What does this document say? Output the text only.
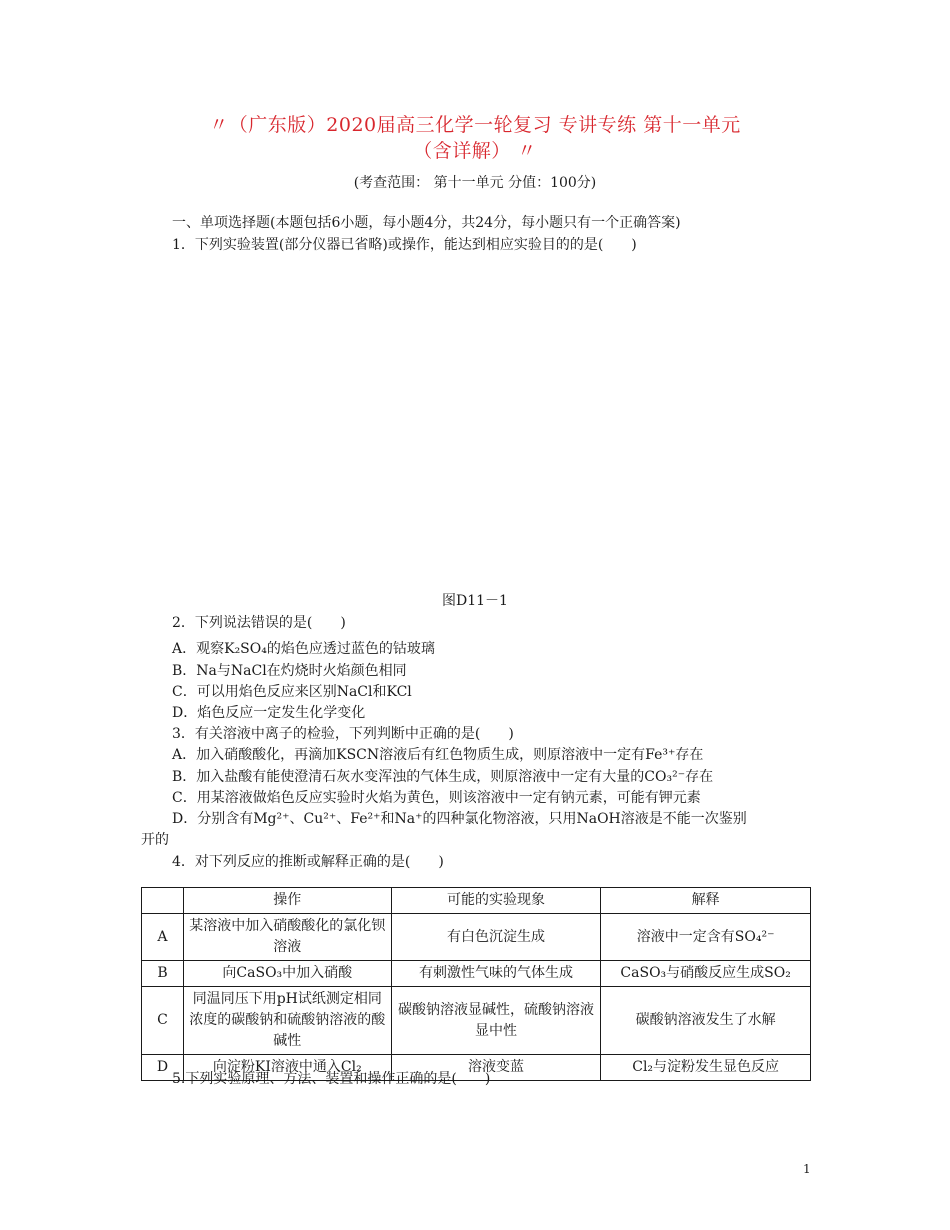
〃（广东版）2020届高三化学一轮复习 专讲专练 第十一单元
（含详解） 〃
(考查范围： 第十一单元 分值：100分)
一、单项选择题(本题包括6小题，每小题4分，共24分，每小题只有一个正确答案)
1．下列实验装置(部分仪器已省略)或操作，能达到相应实验目的的是(　　)
图D11－1
2．下列说法错误的是(　　)
A．观察K₂SO₄的焰色应透过蓝色的钴玻璃
B．Na与NaCl在灼烧时火焰颜色相同
C．可以用焰色反应来区别NaCl和KCl
D．焰色反应一定发生化学变化
3．有关溶液中离子的检验，下列判断中正确的是(　　)
A．加入硝酸酸化，再滴加KSCN溶液后有红色物质生成，则原溶液中一定有Fe³⁺存在
B．加入盐酸有能使澄清石灰水变浑浊的气体生成，则原溶液中一定有大量的CO₃²⁻存在
C．用某溶液做焰色反应实验时火焰为黄色，则该溶液中一定有钠元素，可能有钾元素
D．分别含有Mg²⁺、Cu²⁺、Fe²⁺和Na⁺的四种氯化物溶液，只用NaOH溶液是不能一次鉴别
开的
4．对下列反应的推断或解释正确的是(　　)
	操作	可能的实验现象	解释
A	某溶液中加入硝酸酸化的氯化钡溶液	有白色沉淀生成	溶液中一定含有SO₄²⁻
B	向CaSO₃中加入硝酸	有刺激性气味的气体生成	CaSO₃与硝酸反应生成SO₂
C	同温同压下用pH试纸测定相同浓度的碳酸钠和硫酸钠溶液的酸碱性	碳酸钠溶液显碱性，硫酸钠溶液显中性	碳酸钠溶液发生了水解
D	向淀粉KI溶液中通入Cl₂	溶液变蓝	Cl₂与淀粉发生显色反应
5.下列实验原理、方法、装置和操作正确的是(　　)
1
